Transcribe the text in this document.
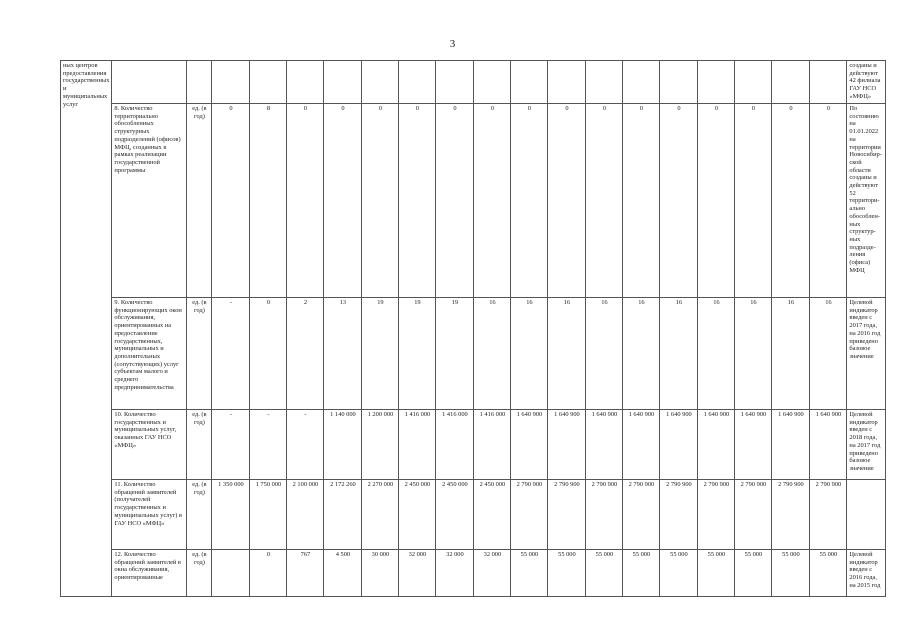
3
ных центров предоставления государственных и муниципальных услуг																				созданы и действуют 42 филиала ГАУ НСО «МФЦ»
	8. Количество территориально обособленных структурных подразделений (офисов) МФЦ, созданных в рамках реализации государственной программы	ед. (в год)	0	8	0	0	0	0	0	0	0	0	0	0	0	0	0	0	0	По состоянию на 01.01.2022 на территории Новосибир-ской области созданы и действуют 52 территори-ально обособлен-ных структур-ных подразде-ления (офиса) МФЦ
	9. Количество функционирующих окон обслуживания, ориентированных на предоставление государственных, муниципальных и дополнительных (сопутствующих) услуг субъектам малого и среднего предпринимательства	ед. (в год)	-	0	2	13	19	19	19	16	16	16	16	16	16	16	16	16	16	Целевой индикатор введен с 2017 года, на 2016 год приведено базовое значение
	10. Количество государственных и муниципальных услуг, оказанных ГАУ НСО «МФЦ»	ед. (в год)	-	-	-	1 140 000	1 200 000	1 416 000	1 416 000	1 416 000	1 640 900	1 640 900	1 640 900	1 640 900	1 640 900	1 640 900	1 640 900	1 640 900	1 640 900	Целевой индикатор введен с 2018 года, на 2017 год приведено базовое значение
	11. Количество обращений заявителей (получателей государственных и муниципальных услуг) в ГАУ НСО «МФЦ»	ед. (в год)	1 350 000	1 750 000	2 100 000	2 172 260	2 270 000	2 450 000	2 450 000	2 450 000	2 790 900	2 790 900	2 790 900	2 790 900	2 790 900	2 790 900	2 790 900	2 790 900	2 790 900	
	12. Количество обращений заявителей в окна обслуживания, ориентированные	ед. (в год)		0	767	4 500	30 000	32 000	32 000	32 000	55 000	55 000	55 000	55 000	55 000	55 000	55 000	55 000	55 000	Целевой индикатор введен с 2016 года, на 2015 год
